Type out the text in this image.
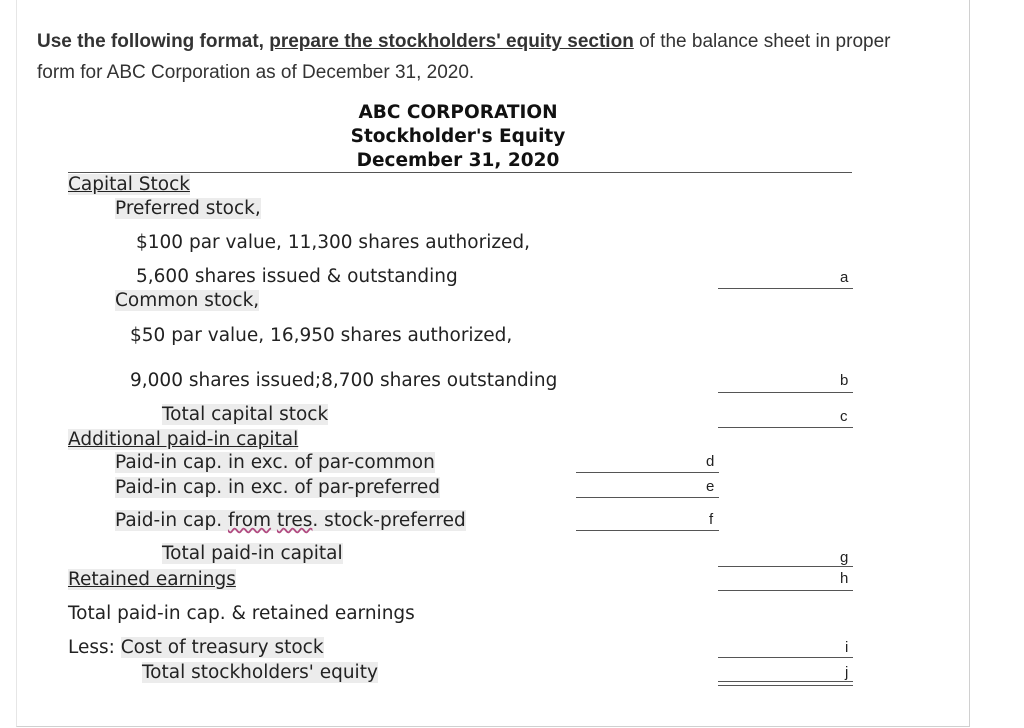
Use the following format, prepare the stockholders' equity section of the balance sheet in proper
form for ABC Corporation as of December 31, 2020.
ABC CORPORATION
Stockholder's Equity
December 31, 2020
Capital Stock
Preferred stock,
$100 par value, 11,300 shares authorized,
5,600 shares issued & outstanding
Common stock,
$50 par value, 16,950 shares authorized,
9,000 shares issued;8,700 shares outstanding
Total capital stock
Additional paid-in capital
Paid-in cap. in exc. of par-common
Paid-in cap. in exc. of par-preferred
Paid-in cap. from tres. stock-preferred
Total paid-in capital
Retained earnings
Total paid-in cap. & retained earnings
Less: Cost of treasury stock
Total stockholders' equity
a
b
c
d
e
f
g
h
i
j
